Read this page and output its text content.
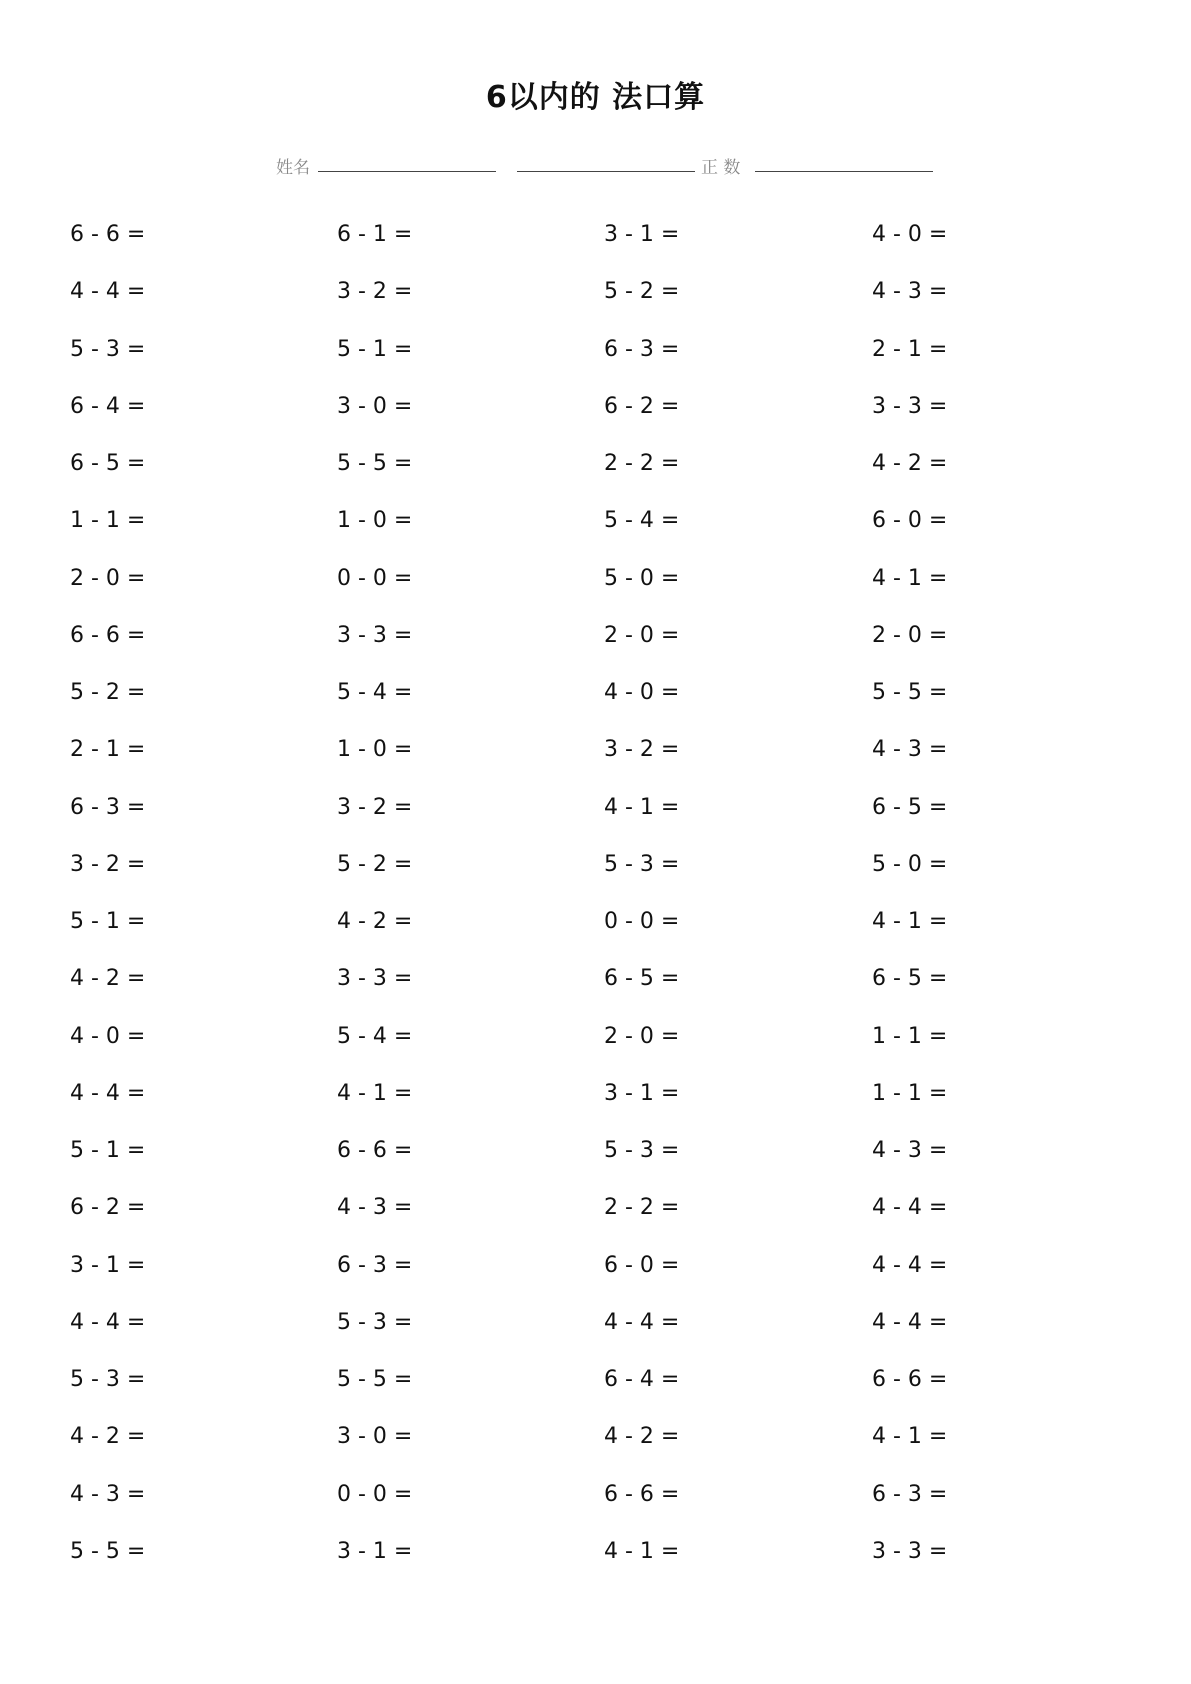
6以内的 法口算
姓名	正 数
6 - 6 =	6 - 1 =	3 - 1 =	4 - 0 =
4 - 4 =	3 - 2 =	5 - 2 =	4 - 3 =
5 - 3 =	5 - 1 =	6 - 3 =	2 - 1 =
6 - 4 =	3 - 0 =	6 - 2 =	3 - 3 =
6 - 5 =	5 - 5 =	2 - 2 =	4 - 2 =
1 - 1 =	1 - 0 =	5 - 4 =	6 - 0 =
2 - 0 =	0 - 0 =	5 - 0 =	4 - 1 =
6 - 6 =	3 - 3 =	2 - 0 =	2 - 0 =
5 - 2 =	5 - 4 =	4 - 0 =	5 - 5 =
2 - 1 =	1 - 0 =	3 - 2 =	4 - 3 =
6 - 3 =	3 - 2 =	4 - 1 =	6 - 5 =
3 - 2 =	5 - 2 =	5 - 3 =	5 - 0 =
5 - 1 =	4 - 2 =	0 - 0 =	4 - 1 =
4 - 2 =	3 - 3 =	6 - 5 =	6 - 5 =
4 - 0 =	5 - 4 =	2 - 0 =	1 - 1 =
4 - 4 =	4 - 1 =	3 - 1 =	1 - 1 =
5 - 1 =	6 - 6 =	5 - 3 =	4 - 3 =
6 - 2 =	4 - 3 =	2 - 2 =	4 - 4 =
3 - 1 =	6 - 3 =	6 - 0 =	4 - 4 =
4 - 4 =	5 - 3 =	4 - 4 =	4 - 4 =
5 - 3 =	5 - 5 =	6 - 4 =	6 - 6 =
4 - 2 =	3 - 0 =	4 - 2 =	4 - 1 =
4 - 3 =	0 - 0 =	6 - 6 =	6 - 3 =
5 - 5 =	3 - 1 =	4 - 1 =	3 - 3 =
